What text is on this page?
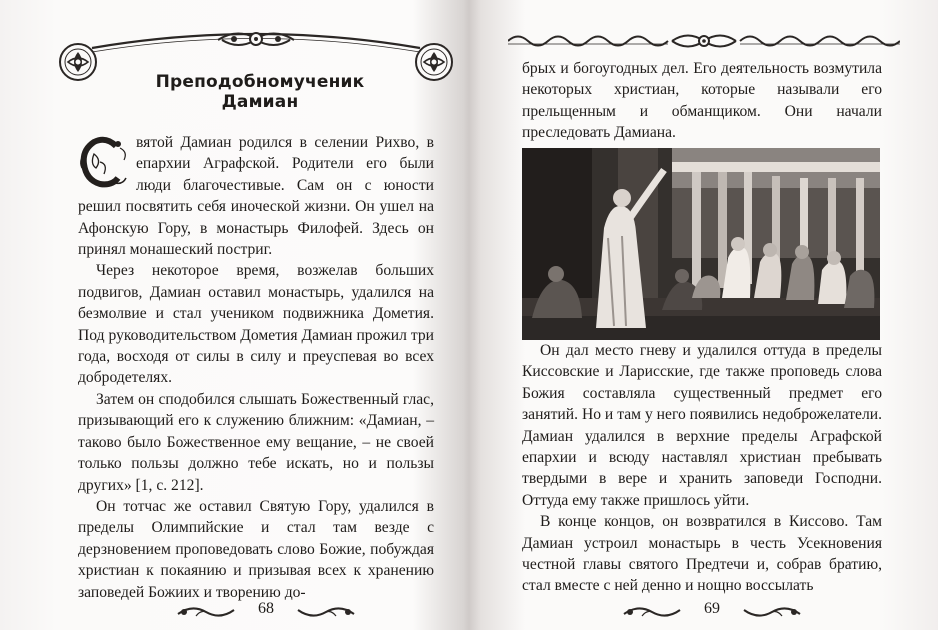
Преподобномученик
Дамиан

вятой Дамиан родился в селении Рихво, в епархии Аграфской. Родители его были люди благочестивые. Сам он с юности решил посвятить себя иноческой жизни. Он ушел на Афонскую Гору, в монастырь Филофей. Здесь он принял монашеский постриг.

Через некоторое время, возжелав больших подвигов, Дамиан оставил монастырь, удалился на безмолвие и стал учеником подвижника Дометия. Под руководительством Дометия Дамиан прожил три года, восходя от силы в силу и преуспевая во всех добродетелях.

Затем он сподобился слышать Божественный глас, призывающий его к служению ближним: «Дамиан, – таково было Божественное ему вещание, – не своей только пользы должно тебе искать, но и пользы других» [1, с. 212].

Он тотчас же оставил Святую Гору, удалился в пределы Олимпийские и стал там везде с дерзновением проповедовать слово Божие, побуждая христиан к покаянию и призывая всех к хранению заповедей Божиих и творению до-

68

брых и богоугодных дел. Его деятельность возмутила некоторых христиан, которые называли его прельщенным и обманщиком. Они начали преследовать Дамиана.

Он дал место гневу и удалился оттуда в пределы Киссовские и Ларисские, где также проповедь слова Божия составляла существенный предмет его занятий. Но и там у него появились недоброжелатели. Дамиан удалился в верхние пределы Аграфской епархии и всюду наставлял христиан пребывать твердыми в вере и хранить заповеди Господни. Оттуда ему также пришлось уйти.

В конце концов, он возвратился в Киссово. Там Дамиан устроил монастырь в честь Усекновения честной главы святого Предтечи и, собрав братию, стал вместе с ней денно и нощно воссылать

69
